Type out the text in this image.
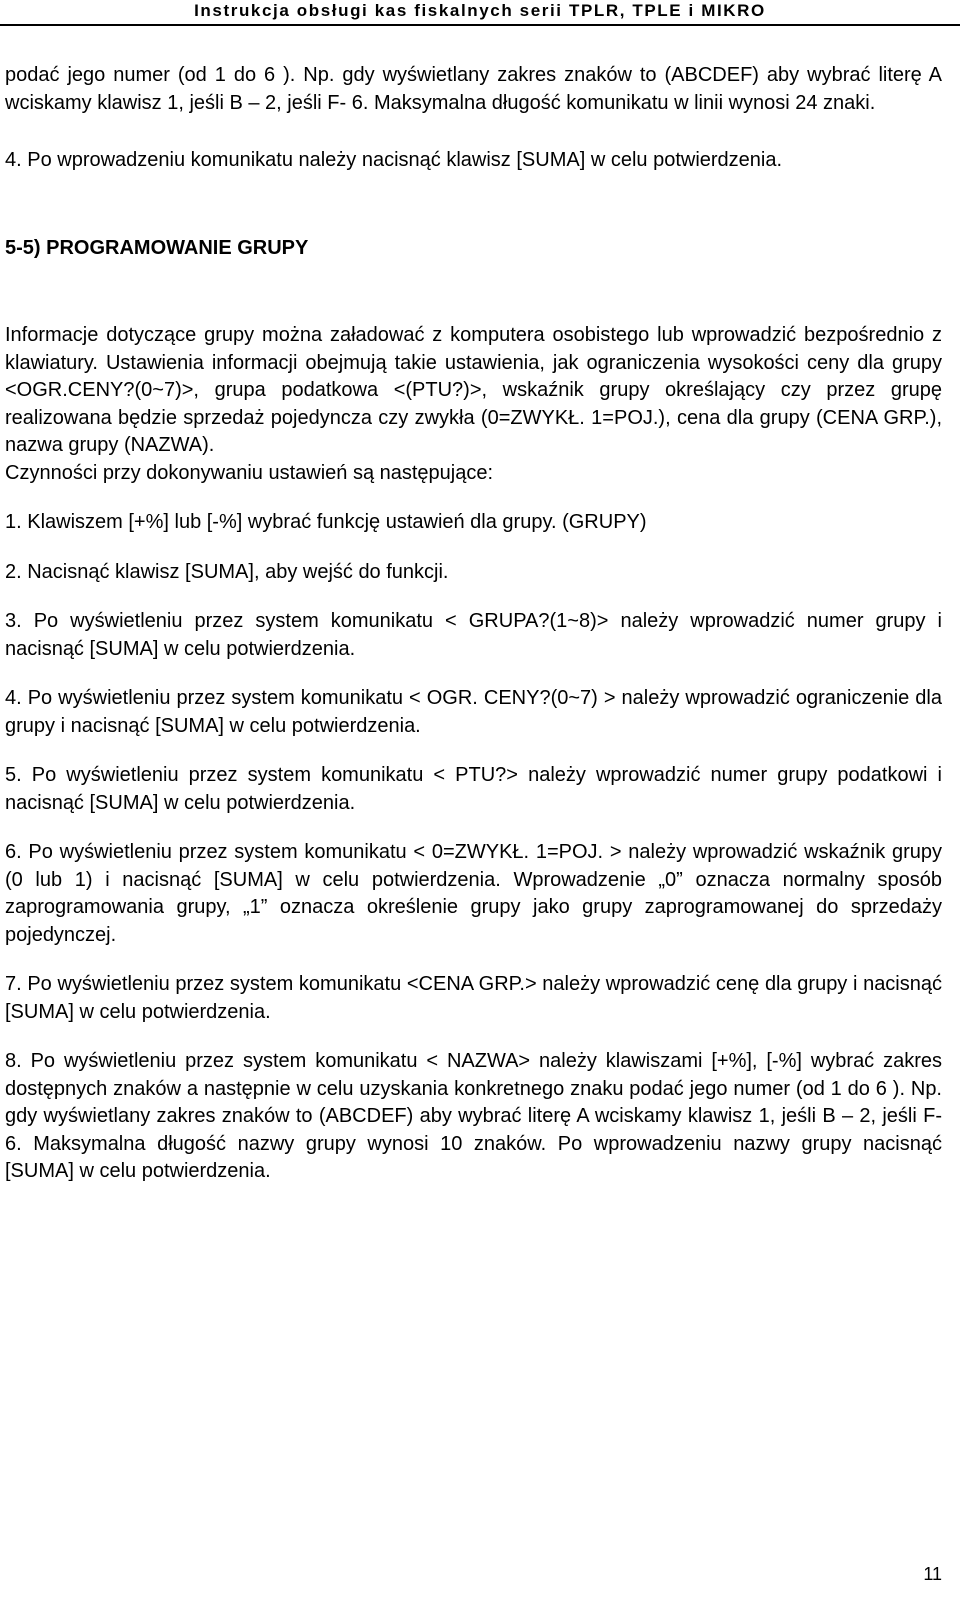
Instrukcja obsługi kas fiskalnych serii TPLR, TPLE i MIKRO

podać jego numer (od 1 do 6 ). Np. gdy wyświetlany zakres znaków to (ABCDEF) aby wybrać literę A wciskamy klawisz 1, jeśli B – 2, jeśli F- 6. Maksymalna długość komunikatu w linii wynosi 24 znaki.

4. Po wprowadzeniu komunikatu należy nacisnąć klawisz [SUMA] w celu potwierdzenia.

5-5) PROGRAMOWANIE GRUPY

Informacje dotyczące grupy można załadować z komputera osobistego lub wprowadzić bezpośrednio z klawiatury. Ustawienia informacji obejmują takie ustawienia, jak ograniczenia wysokości ceny dla grupy <OGR.CENY?(0~7)>, grupa podatkowa <(PTU?)>, wskaźnik grupy określający czy przez grupę realizowana będzie sprzedaż pojedyncza czy zwykła (0=ZWYKŁ. 1=POJ.), cena dla grupy (CENA GRP.), nazwa grupy (NAZWA).

Czynności przy dokonywaniu ustawień są następujące:

1. Klawiszem [+%] lub [-%] wybrać funkcję ustawień dla grupy. (GRUPY)

2. Nacisnąć klawisz [SUMA], aby wejść do funkcji.

3. Po wyświetleniu przez system komunikatu < GRUPA?(1~8)> należy wprowadzić numer grupy i nacisnąć [SUMA] w celu potwierdzenia.

4. Po wyświetleniu przez system komunikatu < OGR. CENY?(0~7) > należy wprowadzić ograniczenie dla grupy i nacisnąć [SUMA] w celu potwierdzenia.

5. Po wyświetleniu przez system komunikatu < PTU?> należy wprowadzić numer grupy podatkowi i nacisnąć [SUMA] w celu potwierdzenia.

6. Po wyświetleniu przez system komunikatu < 0=ZWYKŁ. 1=POJ. > należy wprowadzić wskaźnik grupy (0 lub 1) i nacisnąć [SUMA] w celu potwierdzenia. Wprowadzenie „0” oznacza normalny sposób zaprogramowania grupy, „1” oznacza określenie grupy jako grupy zaprogramowanej do sprzedaży pojedynczej.

7. Po wyświetleniu przez system komunikatu <CENA GRP.> należy wprowadzić cenę dla grupy i nacisnąć [SUMA] w celu potwierdzenia.

8. Po wyświetleniu przez system komunikatu < NAZWA> należy klawiszami [+%], [-%] wybrać zakres dostępnych znaków a następnie w celu uzyskania konkretnego znaku podać jego numer (od 1 do 6 ). Np. gdy wyświetlany zakres znaków to (ABCDEF) aby wybrać literę A wciskamy klawisz 1, jeśli B – 2, jeśli F- 6. Maksymalna długość nazwy grupy wynosi 10 znaków. Po wprowadzeniu nazwy grupy nacisnąć [SUMA] w celu potwierdzenia.

11
